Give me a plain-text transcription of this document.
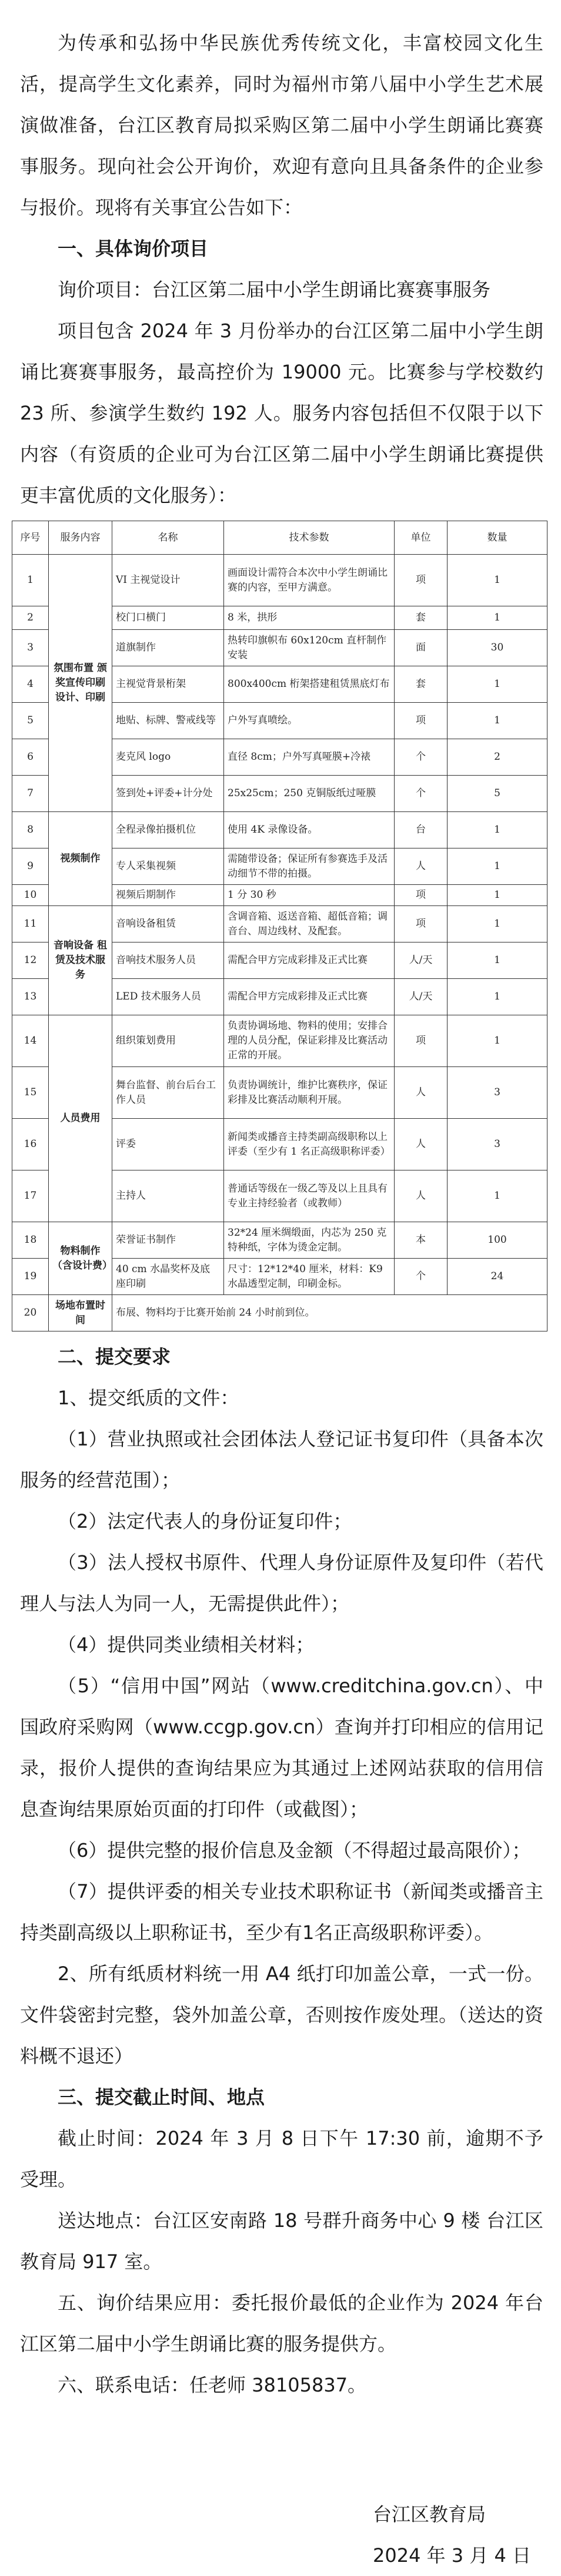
为传承和弘扬中华民族优秀传统文化，丰富校园文化生活，提高学生文化素养，同时为福州市第八届中小学生艺术展演做准备，台江区教育局拟采购区第二届中小学生朗诵比赛赛事服务。现向社会公开询价，欢迎有意向且具备条件的企业参与报价。现将有关事宜公告如下：

一、具体询价项目

询价项目：台江区第二届中小学生朗诵比赛赛事服务

项目包含 2024 年 3 月份举办的台江区第二届中小学生朗诵比赛赛事服务，最高控价为 19000 元。比赛参与学校数约 23 所、参演学生数约 192 人。服务内容包括但不仅限于以下内容（有资质的企业可为台江区第二届中小学生朗诵比赛提供更丰富优质的文化服务）：

序号	服务内容	名称	技术参数	单位	数量
1	氛围布置 颁奖宣传印刷设计、印刷	VI 主视觉设计	画面设计需符合本次中小学生朗诵比赛的内容，至甲方满意。	项	1
2		校门口横门	8 米，拱形	套	1
3		道旗制作	热转印旗帜布 60x120cm 直杆制作安装	面	30
4		主视觉背景桁架	800x400cm 桁架搭建租赁黑底灯布	套	1
5		地贴、标牌、警戒线等	户外写真喷绘。	项	1
6		麦克风 logo	直径 8cm；户外写真哑膜+冷裱	个	2
7		签到处+评委+计分处	25x25cm；250 克铜版纸过哑膜	个	5
8	视频制作	全程录像拍摄机位	使用 4K 录像设备。	台	1
9		专人采集视频	需随带设备；保证所有参赛选手及活动细节不带的拍摄。	人	1
10		视频后期制作	1 分 30 秒	项	1
11	音响设备 租赁及技术服务	音响设备租赁	含调音箱、返送音箱、超低音箱；调音台、周边线材、及配套。	项	1
12		音响技术服务人员	需配合甲方完成彩排及正式比赛	人/天	1
13		LED 技术服务人员	需配合甲方完成彩排及正式比赛	人/天	1
14	人员费用	组织策划费用	负责协调场地、物料的使用；安排合理的人员分配，保证彩排及比赛活动正常的开展。	项	1
15		舞台监督、前台后台工作人员	负责协调统计，维护比赛秩序，保证彩排及比赛活动顺利开展。	人	3
16		评委	新闻类或播音主持类副高级职称以上评委（至少有 1 名正高级职称评委）	人	3
17		主持人	普通话等级在一级乙等及以上且具有专业主持经验者（或教师）	人	1
18	物料制作（含设计费）	荣誉证书制作	32*24 厘米绸缎面，内芯为 250 克特种纸，字体为烫金定制。	本	100
19		40 cm 水晶奖杯及底座印刷	尺寸：12*12*40 厘米，材料：K9 水晶透型定制，印刷金标。	个	24
20	场地布置时间	布展、物料均于比赛开始前 24 小时前到位。			
二、提交要求

1、提交纸质的文件：

（1）营业执照或社会团体法人登记证书复印件（具备本次服务的经营范围）；

（2）法定代表人的身份证复印件；

（3）法人授权书原件、代理人身份证原件及复印件（若代理人与法人为同一人，无需提供此件）；

（4）提供同类业绩相关材料；

（5）“信用中国”网站（www.creditchina.gov.cn）、中国政府采购网（www.ccgp.gov.cn）查询并打印相应的信用记录，报价人提供的查询结果应为其通过上述网站获取的信用信息查询结果原始页面的打印件（或截图）；

（6）提供完整的报价信息及金额（不得超过最高限价）；

（7）提供评委的相关专业技术职称证书（新闻类或播音主持类副高级以上职称证书，至少有1名正高级职称评委）。

2、所有纸质材料统一用 A4 纸打印加盖公章，一式一份。文件袋密封完整，袋外加盖公章，否则按作废处理。（送达的资料概不退还）

三、提交截止时间、地点

截止时间：2024 年 3 月 8 日下午 17:30 前，逾期不予受理。

送达地点：台江区安南路 18 号群升商务中心 9 楼 台江区教育局 917 室。

五、询价结果应用：委托报价最低的企业作为 2024 年台江区第二届中小学生朗诵比赛的服务提供方。

六、联系电话：任老师 38105837。

台江区教育局

2024 年 3 月 4 日
